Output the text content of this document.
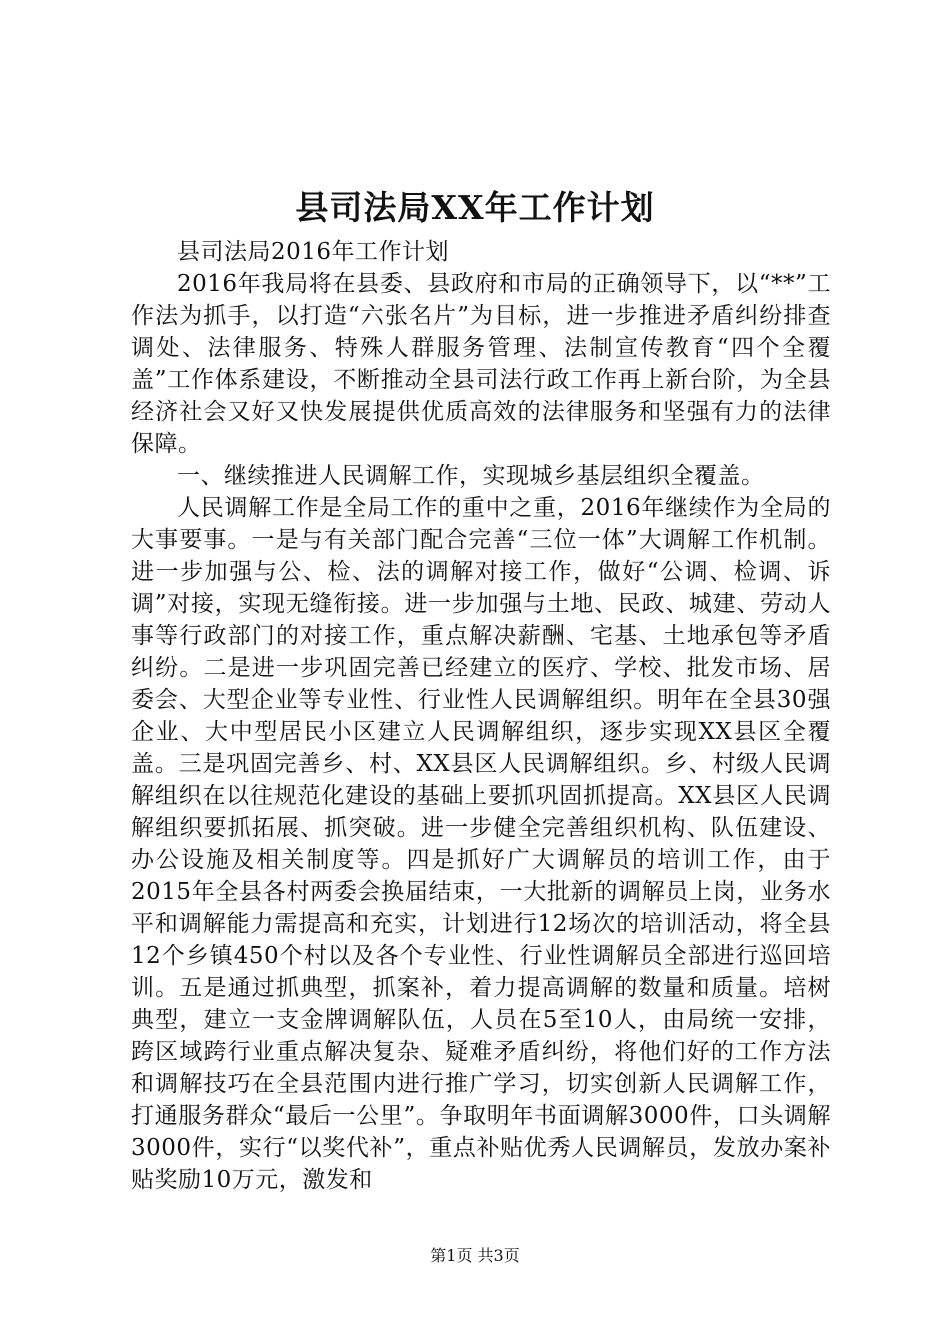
县司法局XX年工作计划

县司法局2016年工作计划

2016年我局将在县委、县政府和市局的正确领导下，以“**”工作法为抓手，以打造“六张名片”为目标，进一步推进矛盾纠纷排查调处、法律服务、特殊人群服务管理、法制宣传教育“四个全覆盖”工作体系建设，不断推动全县司法行政工作再上新台阶，为全县经济社会又好又快发展提供优质高效的法律服务和坚强有力的法律保障。

一、继续推进人民调解工作，实现城乡基层组织全覆盖。

人民调解工作是全局工作的重中之重，2016年继续作为全局的大事要事。一是与有关部门配合完善“三位一体”大调解工作机制。进一步加强与公、检、法的调解对接工作，做好“公调、检调、诉调”对接，实现无缝衔接。进一步加强与土地、民政、城建、劳动人事等行政部门的对接工作，重点解决薪酬、宅基、土地承包等矛盾纠纷。二是进一步巩固完善已经建立的医疗、学校、批发市场、居委会、大型企业等专业性、行业性人民调解组织。明年在全县30强企业、大中型居民小区建立人民调解组织，逐步实现XX县区全覆盖。三是巩固完善乡、村、XX县区人民调解组织。乡、村级人民调解组织在以往规范化建设的基础上要抓巩固抓提高。XX县区人民调解组织要抓拓展、抓突破。进一步健全完善组织机构、队伍建设、办公设施及相关制度等。四是抓好广大调解员的培训工作，由于2015年全县各村两委会换届结束，一大批新的调解员上岗，业务水平和调解能力需提高和充实，计划进行12场次的培训活动，将全县12个乡镇450个村以及各个专业性、行业性调解员全部进行巡回培训。五是通过抓典型，抓案补，着力提高调解的数量和质量。培树典型，建立一支金牌调解队伍，人员在5至10人，由局统一安排，跨区域跨行业重点解决复杂、疑难矛盾纠纷，将他们好的工作方法和调解技巧在全县范围内进行推广学习，切实创新人民调解工作，打通服务群众“最后一公里”。争取明年书面调解3000件，口头调解3000件，实行“以奖代补”，重点补贴优秀人民调解员，发放办案补贴奖励10万元，激发和

第1页 共3页
